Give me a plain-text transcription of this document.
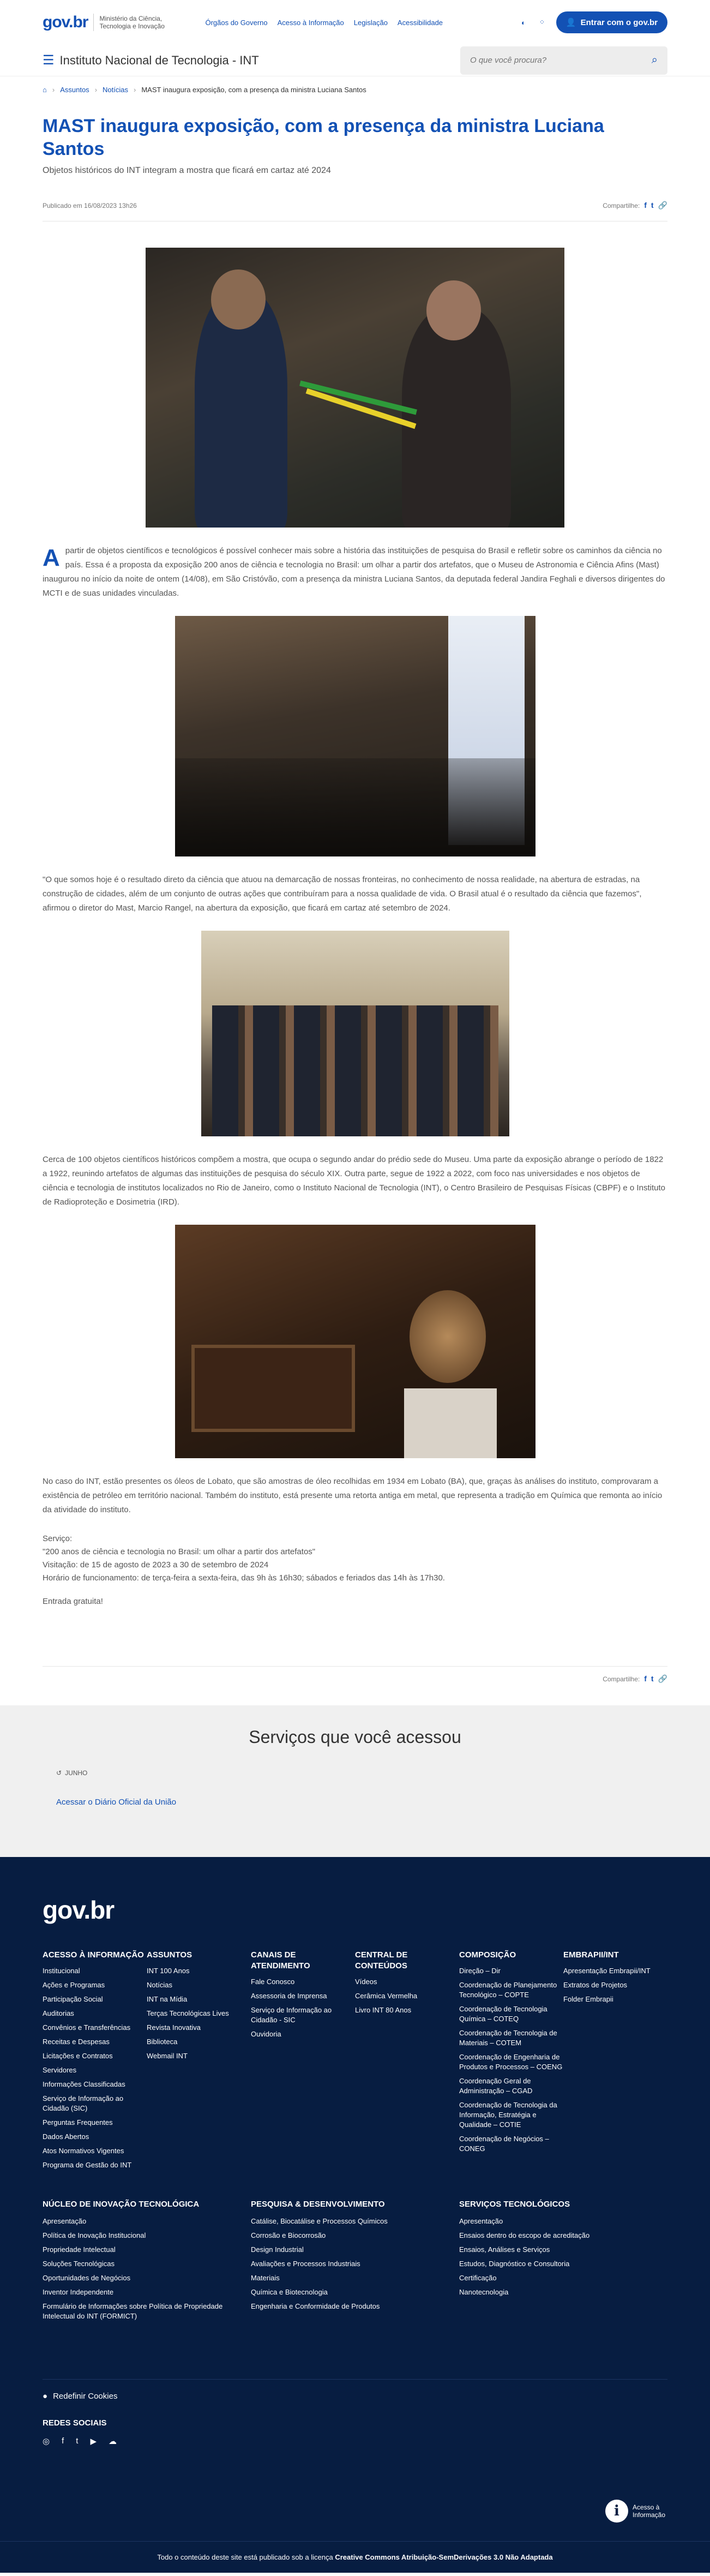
gov.br Ministério da Ciência, Tecnologia e Inovação	Órgãos do Governo Acesso à Informação Legislação Acessibilidade	◐	⁘	👤 Entrar com o gov.br
☰ Instituto Nacional de Tecnologia - INT
O que você procura?	⌕
⌂ › Assuntos › Notícias › MAST inaugura exposição, com a presença da ministra Luciana Santos
MAST inaugura exposição, com a presença da ministra Luciana Santos
Objetos históricos do INT integram a mostra que ficará em cartaz até 2024
Publicado em 16/08/2023 13h26	Compartilhe: f t 🔗
A partir de objetos científicos e tecnológicos é possível conhecer mais sobre a história das instituições de pesquisa do Brasil e refletir sobre os caminhos da ciência no país. Essa é a proposta da exposição 200 anos de ciência e tecnologia no Brasil: um olhar a partir dos artefatos, que o Museu de Astronomia e Ciência Afins (Mast) inaugurou no início da noite de ontem (14/08), em São Cristóvão, com a presença da ministra Luciana Santos, da deputada federal Jandira Feghali e diversos dirigentes do MCTI e de suas unidades vinculadas.

"O que somos hoje é o resultado direto da ciência que atuou na demarcação de nossas fronteiras, no conhecimento de nossa realidade, na abertura de estradas, na construção de cidades, além de um conjunto de outras ações que contribuíram para a nossa qualidade de vida. O Brasil atual é o resultado da ciência que fazemos", afirmou o diretor do Mast, Marcio Rangel, na abertura da exposição, que ficará em cartaz até setembro de 2024.

Cerca de 100 objetos científicos históricos compõem a mostra, que ocupa o segundo andar do prédio sede do Museu. Uma parte da exposição abrange o período de 1822 a 1922, reunindo artefatos de algumas das instituições de pesquisa do século XIX. Outra parte, segue de 1922 a 2022, com foco nas universidades e nos objetos de ciência e tecnologia de institutos localizados no Rio de Janeiro, como o Instituto Nacional de Tecnologia (INT), o Centro Brasileiro de Pesquisas Físicas (CBPF) e o Instituto de Radioproteção e Dosimetria (IRD).

No caso do INT, estão presentes os óleos de Lobato, que são amostras de óleo recolhidas em 1934 em Lobato (BA), que, graças às análises do instituto, comprovaram a existência de petróleo em território nacional. Também do instituto, está presente uma retorta antiga em metal, que representa a tradição em Química que remonta ao início da atividade do instituto.

Serviço:
"200 anos de ciência e tecnologia no Brasil: um olhar a partir dos artefatos"
Visitação: de 15 de agosto de 2023 a 30 de setembro de 2024
Horário de funcionamento: de terça-feira a sexta-feira, das 9h às 16h30; sábados e feriados das 14h às 17h30.
Entrada gratuita!
Compartilhe: f t 🔗
Serviços que você acessou
↺ JUNHO
Acessar o Diário Oficial da União
gov.br
ACESSO À INFORMAÇÃO
Institucional
Ações e Programas
Participação Social
Auditorias
Convênios e Transferências
Receitas e Despesas
Licitações e Contratos
Servidores
Informações Classificadas
Serviço de Informação ao Cidadão (SIC)
Perguntas Frequentes
Dados Abertos
Atos Normativos Vigentes
Programa de Gestão do INT
ASSUNTOS
INT 100 Anos
Notícias
INT na Mídia
Terças Tecnológicas Lives
Revista Inovativa
Biblioteca
Webmail INT
CANAIS DE ATENDIMENTO
Fale Conosco
Assessoria de Imprensa
Serviço de Informação ao Cidadão - SIC
Ouvidoria
CENTRAL DE CONTEÚDOS
Vídeos
Cerâmica Vermelha
Livro INT 80 Anos
COMPOSIÇÃO
Direção – Dir
Coordenação de Planejamento Tecnológico – COPTE
Coordenação de Tecnologia Química – COTEQ
Coordenação de Tecnologia de Materiais – COTEM
Coordenação de Engenharia de Produtos e Processos – COENG
Coordenação Geral de Administração – CGAD
Coordenação de Tecnologia da Informação, Estratégia e Qualidade – COTIE
Coordenação de Negócios – CONEG
EMBRAPII/INT
Apresentação Embrapii/INT
Extratos de Projetos
Folder Embrapii
NÚCLEO DE INOVAÇÃO TECNOLÓGICA
Apresentação
Política de Inovação Institucional
Propriedade Intelectual
Soluções Tecnológicas
Oportunidades de Negócios
Inventor Independente
Formulário de Informações sobre Política de Propriedade Intelectual do INT (FORMICT)
PESQUISA & DESENVOLVIMENTO
Catálise, Biocatálise e Processos Químicos
Corrosão e Biocorrosão
Design Industrial
Avaliações e Processos Industriais
Materiais
Química e Biotecnologia
Engenharia e Conformidade de Produtos
SERVIÇOS TECNOLÓGICOS
Apresentação
Ensaios dentro do escopo de acreditação
Ensaios, Análises e Serviços
Estudos, Diagnóstico e Consultoria
Certificação
Nanotecnologia
● Redefinir Cookies
REDES SOCIAIS
◎ f t ▶ ☁
i	Acesso à Informação
Todo o conteúdo deste site está publicado sob a licença Creative Commons Atribuição-SemDerivações 3.0 Não Adaptada
